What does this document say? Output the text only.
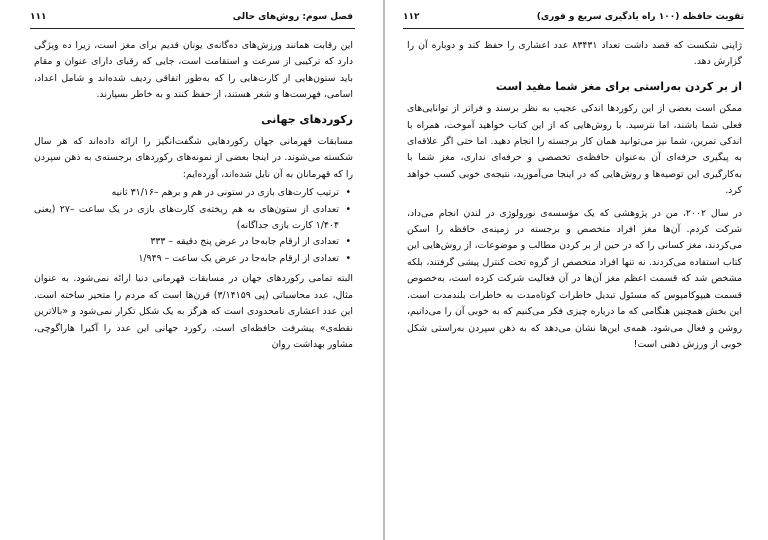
فصل سوم: روش‌های حالی
۱۱۱

این رقابت همانند ورزش‌های ده‌گانه‌ی یونان قدیم برای مغز است، زیرا ده ویژگی دارد که ترکیبی از سرعت و استقامت است، جایی که رقبای دارای عنوان و مقام باید ستون‌هایی از کارت‌هایی را که به‌طور اتفاقی ردیف شده‌اند و شامل اعداد، اسامی، فهرست‌ها و شعر هستند، از حفظ کنند و به خاطر بسپارند.

رکوردهای جهانی

مسابقات قهرمانی جهان رکوردهایی شگفت‌انگیز را ارائه داده‌اند که هر سال شکسته می‌شوند. در اینجا بعضی از نمونه‌های رکوردهای برجسته‌ی به ذهن سپردن را که قهرمانان به آن نایل شده‌اند، آورده‌ایم:

• ترتیب کارت‌های بازی در ستونی در هم و برهم –۳۱/۱۶ ثانیه
• تعدادی از ستون‌های به هم ریخته‌ی کارت‌های بازی در یک ساعت –۲۷ (یعنی ۱/۴۰۴ کارت بازی جداگانه)
• تعدادی از ارقام جابه‌جا در عرض پنج دقیقه – ۳۳۳
• تعدادی از ارقام جابه‌جا در عرض یک ساعت – ۱/۹۴۹

البته تمامی رکوردهای جهان در مسابقات قهرمانی دنیا ارائه نمی‌شود. به عنوان مثال، عدد محاسباتی (پی ۳/۱۴۱۵۹) قرن‌ها است که مردم را متحیر ساخته است. این عدد اعشاری نامحدودی است که هرگز به یک شکل تکرار نمی‌شود و «بالاترین نقطه‌ی» پیشرفت حافظه‌ای است. رکورد جهانی این عدد را آکیرا هاراگوچی، مشاور بهداشت روان

تقویت حافظه (۱۰۰ راه یادگیری سریع و فوری)
۱۱۲

ژاپنی شکست که قصد داشت تعداد ۸۳۴۳۱ عدد اعشاری را حفظ کند و دوباره آن را گزارش دهد.

از بر کردن به‌راستی برای مغز شما مفید است

ممکن است بعضی از این رکوردها اندکی عجیب به نظر برسند و فراتر از توانایی‌های فعلی شما باشند، اما نترسید. با روش‌هایی که از این کتاب خواهید آموخت، همراه با اندکی تمرین، شما نیز می‌توانید همان کار برجسته را انجام دهید. اما حتی اگر علاقه‌ای به پیگیری حرفه‌ای آن به‌عنوان حافظه‌ی تخصصی و حرفه‌ای نداری، مغز شما با به‌کارگیری این توصیه‌ها و روش‌هایی که در اینجا می‌آموزید، نتیجه‌ی خوبی کسب خواهد کرد.

در سال ۲۰۰۲، من در پژوهشی که یک مؤسسه‌ی نورولوژی در لندن انجام می‌داد، شرکت کردم. آن‌ها مغز افراد متخصص و برجسته در زمینه‌ی حافظه را اسکن می‌کردند، مغز کسانی را که در حین از بر کردن مطالب و موضوعات، از روش‌هایی این کتاب استفاده می‌کردند. نه تنها افراد متخصص از گروه تحت کنترل پیشی گرفتند، بلکه مشخص شد که قسمت اعظم مغز آن‌ها در آن فعالیت شرکت کرده است، به‌خصوص قسمت هیپوکامپوس که مسئول تبدیل خاطرات کوتاه‌مدت به خاطرات بلندمدت است. این بخش همچنین هنگامی که ما درباره چیزی فکر می‌کنیم که به خوبی آن را می‌دانیم، روشن و فعال می‌شود. همه‌ی این‌ها نشان می‌دهد که به ذهن سپردن به‌راستی شکل خوبی از ورزش ذهنی است!
